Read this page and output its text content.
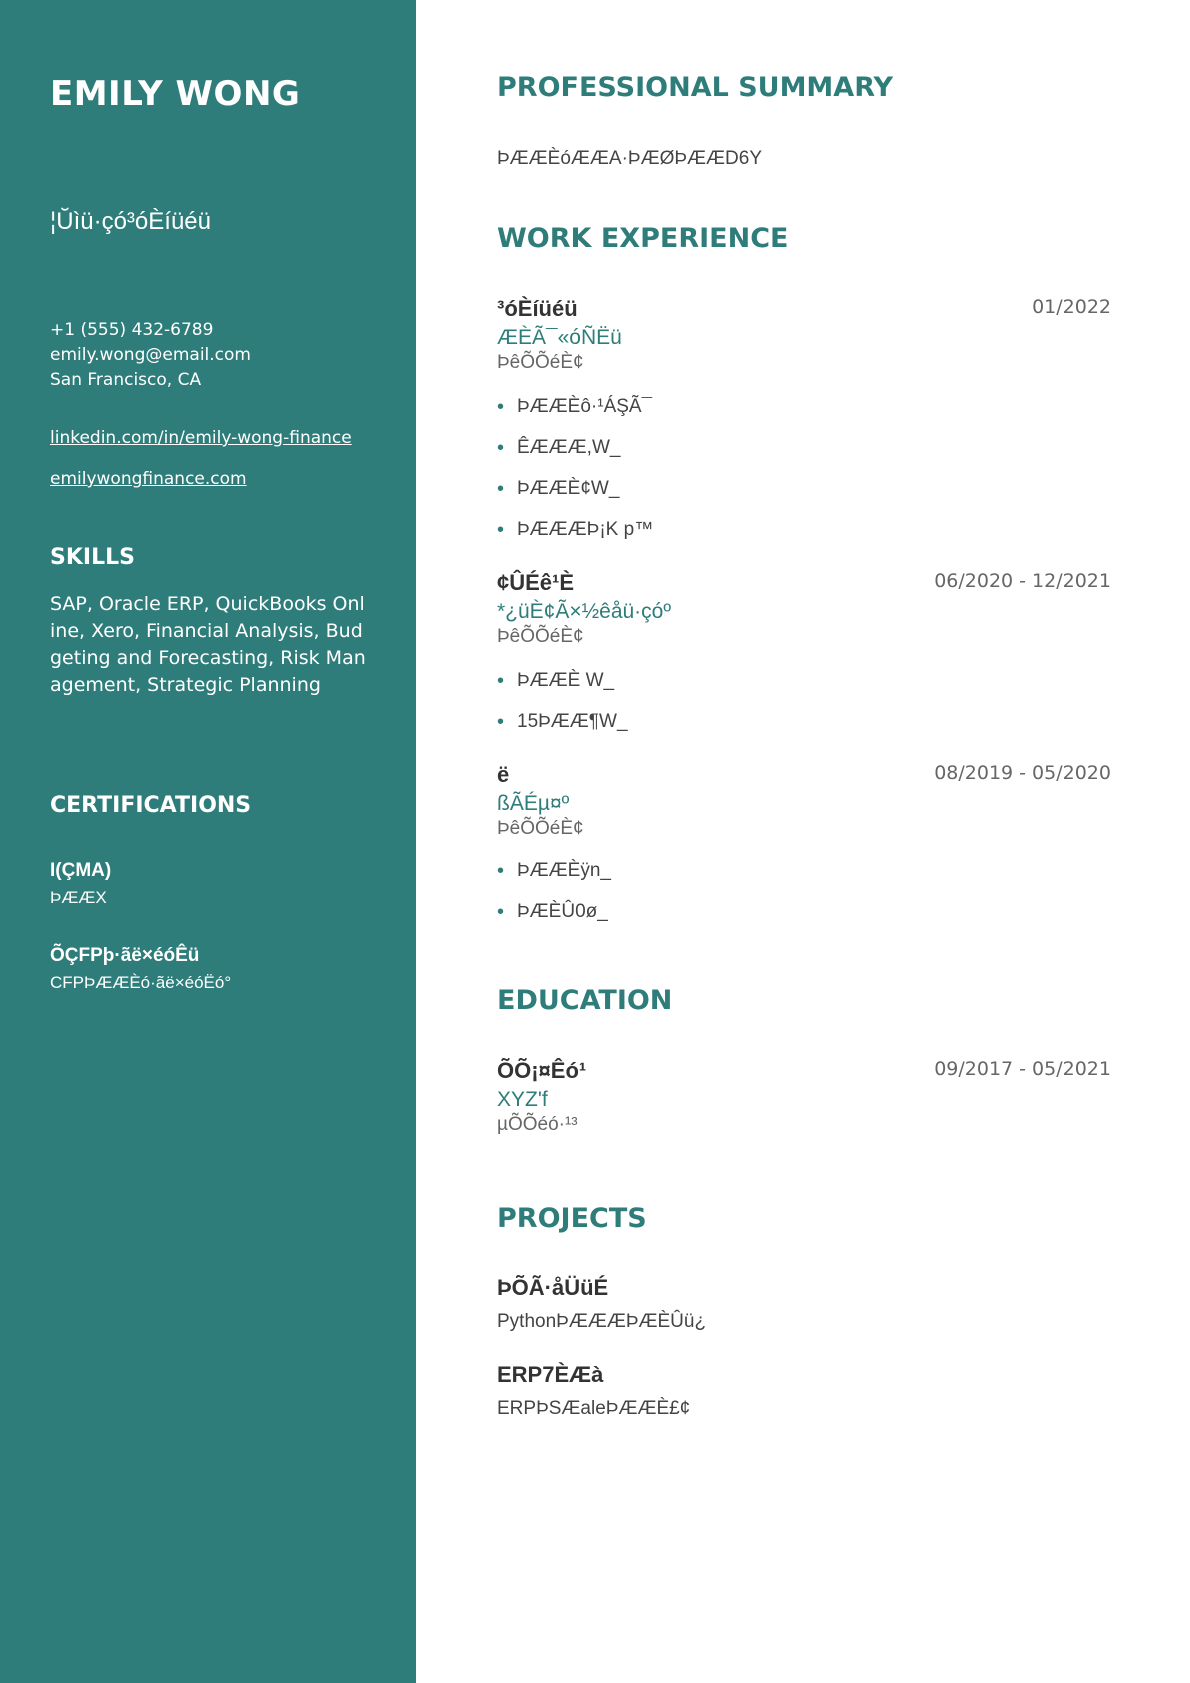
EMILY WONG
¦Ŭìü·çó³óÈíüéü
+1 (555) 432-6789
emily.wong@email.com
San Francisco, CA
linkedin.com/in/emily-wong-finance
emilywongfinance.com
SKILLS
SAP, Oracle ERP, QuickBooks Online, Xero, Financial Analysis, Budgeting and Forecasting, Risk Management, Strategic Planning
CERTIFICATIONS
I(ÇMA)
ÞÆÆX
ÕÇFPþ·ãë×éóÊü
CFPÞÆÆÈó·ãë×éóËó°
PROFESSIONAL SUMMARY
ÞÆÆÈóÆÆA·ÞÆØÞÆÆD6Y
WORK EXPERIENCE
³óÈíüéü	01/2022
ÆÈÃ¯«óÑËü
ÞêÕÕéÈ¢
• ÞÆÆÈô·¹ÁŞÃ¯
• ÊÆÆÆ,W_
• ÞÆÆÈ¢W_
• ÞÆÆÆÞ¡K p™
¢ÛÉê¹È	06/2020 - 12/2021
*¿üÈ¢Ã×½êåü·çóº
ÞêÕÕéÈ¢
• ÞÆÆÈ W_
• 15ÞÆÆ¶W_
ë	08/2019 - 05/2020
ßÃÉµ¤º
ÞêÕÕéÈ¢
• ÞÆÆÈÿn_
• ÞÆÈÛ0ø_
EDUCATION
ÕÕ¡¤Êó¹	09/2017 - 05/2021
XYZ'f
µÕÕéó·¹³
PROJECTS
ÞÕÃ·åÜüÉ
PythonÞÆÆÆÞÆÈÛü¿
ERP7ÈÆà
ERPÞSÆaleÞÆÆÈ£¢
